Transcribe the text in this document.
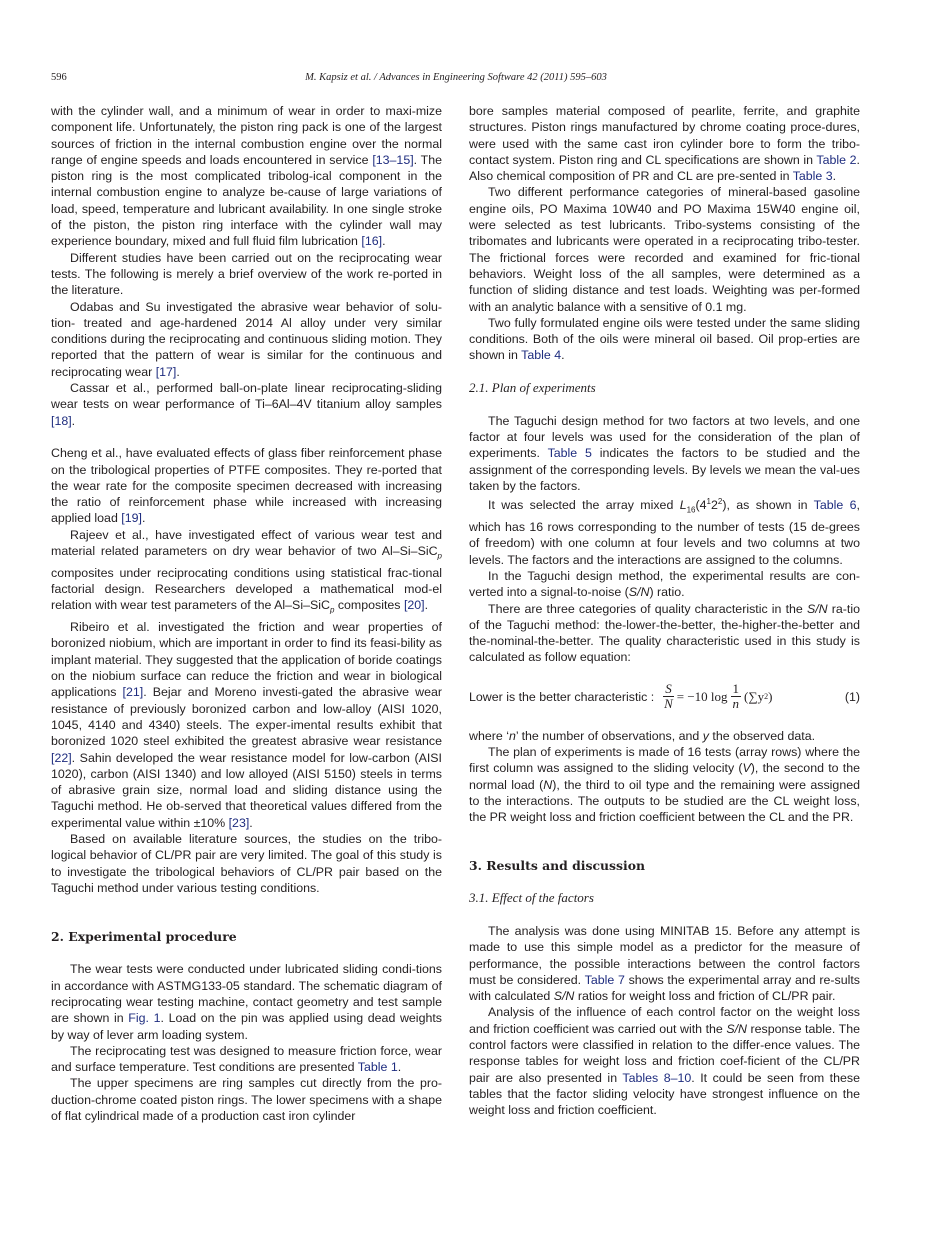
596	M. Kapsiz et al. / Advances in Engineering Software 42 (2011) 595–603

with the cylinder wall, and a minimum of wear in order to maxi-mize component life. Unfortunately, the piston ring pack is one of the largest sources of friction in the internal combustion engine over the normal range of engine speeds and loads encountered in service [13–15]. The piston ring is the most complicated tribolog-ical component in the internal combustion engine to analyze be-cause of large variations of load, speed, temperature and lubricant availability. In one single stroke of the piston, the piston ring interface with the cylinder wall may experience boundary, mixed and full fluid film lubrication [16].

Different studies have been carried out on the reciprocating wear tests. The following is merely a brief overview of the work re-ported in the literature.

Odabas and Su investigated the abrasive wear behavior of solu-tion- treated and age-hardened 2014 Al alloy under very similar conditions during the reciprocating and continuous sliding motion. They reported that the pattern of wear is similar for the continuous and reciprocating wear [17].

Cassar et al., performed ball-on-plate linear reciprocating-sliding wear tests on wear performance of Ti–6Al–4V titanium alloy samples [18].

Cheng et al., have evaluated effects of glass fiber reinforcement phase on the tribological properties of PTFE composites. They re-ported that the wear rate for the composite specimen decreased with increasing the ratio of reinforcement phase while increased with increasing applied load [19].

Rajeev et al., have investigated effect of various wear test and material related parameters on dry wear behavior of two Al–Si–SiC$_p$ composites under reciprocating conditions using statistical frac-tional factorial design. Researchers developed a mathematical mod-el relation with wear test parameters of the Al–Si–SiC$_p$ composites [20].

Ribeiro et al. investigated the friction and wear properties of boronized niobium, which are important in order to find its feasi-bility as implant material. They suggested that the application of boride coatings on the niobium surface can reduce the friction and wear in biological applications [21]. Bejar and Moreno investi-gated the abrasive wear resistance of previously boronized carbon and low-alloy (AISI 1020, 1045, 4140 and 4340) steels. The exper-imental results exhibit that boronized 1020 steel exhibited the greatest abrasive wear resistance [22]. Sahin developed the wear resistance model for low-carbon (AISI 1020), carbon (AISI 1340) and low alloyed (AISI 5150) steels in terms of abrasive grain size, normal load and sliding distance using the Taguchi method. He ob-served that theoretical values differed from the experimental value within ±10% [23].

Based on available literature sources, the studies on the tribo-logical behavior of CL/PR pair are very limited. The goal of this study is to investigate the tribological behaviors of CL/PR pair based on the Taguchi method under various testing conditions.

2. Experimental procedure

The wear tests were conducted under lubricated sliding condi-tions in accordance with ASTMG133-05 standard. The schematic diagram of reciprocating wear testing machine, contact geometry and test sample are shown in Fig. 1. Load on the pin was applied using dead weights by way of lever arm loading system.

The reciprocating test was designed to measure friction force, wear and surface temperature. Test conditions are presented Table 1.

The upper specimens are ring samples cut directly from the pro-duction-chrome coated piston rings. The lower specimens with a shape of flat cylindrical made of a production cast iron cylinder

bore samples material composed of pearlite, ferrite, and graphite structures. Piston rings manufactured by chrome coating proce-dures, were used with the same cast iron cylinder bore to form the tribo-contact system. Piston ring and CL specifications are shown in Table 2. Also chemical composition of PR and CL are pre-sented in Table 3.

Two different performance categories of mineral-based gasoline engine oils, PO Maxima 10W40 and PO Maxima 15W40 engine oil, were selected as test lubricants. Tribo-systems consisting of the tribomates and lubricants were operated in a reciprocating tribo-tester. The frictional forces were recorded and examined for fric-tional behaviors. Weight loss of the all samples, were determined as a function of sliding distance and test loads. Weighting was per-formed with an analytic balance with a sensitive of 0.1 mg.

Two fully formulated engine oils were tested under the same sliding conditions. Both of the oils were mineral oil based. Oil prop-erties are shown in Table 4.

2.1. Plan of experiments

The Taguchi design method for two factors at two levels, and one factor at four levels was used for the consideration of the plan of experiments. Table 5 indicates the factors to be studied and the assignment of the corresponding levels. By levels we mean the val-ues taken by the factors.

It was selected the array mixed $L_{16}(4^12^2)$, as shown in Table 6, which has 16 rows corresponding to the number of tests (15 de-grees of freedom) with one column at four levels and two columns at two levels. The factors and the interactions are assigned to the columns.

In the Taguchi design method, the experimental results are con-verted into a signal-to-noise (S/N) ratio.

There are three categories of quality characteristic in the S/N ra-tio of the Taguchi method: the-lower-the-better, the-higher-the-better and the-nominal-the-better. The quality characteristic used in this study is calculated as follow equation:

Lower is the better characteristic : $\frac{S}{N} = -10$ $\log \frac{1}{n} (\sum y$ 2 )	(1)

where ‘n’ the number of observations, and y the observed data.

The plan of experiments is made of 16 tests (array rows) where the first column was assigned to the sliding velocity (V), the second to the normal load (N), the third to oil type and the remaining were assigned to the interactions. The outputs to be studied are the CL weight loss, the PR weight loss and friction coefficient between the CL and the PR.

3. Results and discussion
3.1. Effect of the factors

The analysis was done using MINITAB 15. Before any attempt is made to use this simple model as a predictor for the measure of performance, the possible interactions between the control factors must be considered. Table 7 shows the experimental array and re-sults with calculated S/N ratios for weight loss and friction of CL/PR pair.

Analysis of the influence of each control factor on the weight loss and friction coefficient was carried out with the S/N response table. The control factors were classified in relation to the differ-ence values. The response tables for weight loss and friction coef-ficient of the CL/PR pair are also presented in Tables 8–10. It could be seen from these tables that the factor sliding velocity have strongest influence on the weight loss and friction coefficient.
